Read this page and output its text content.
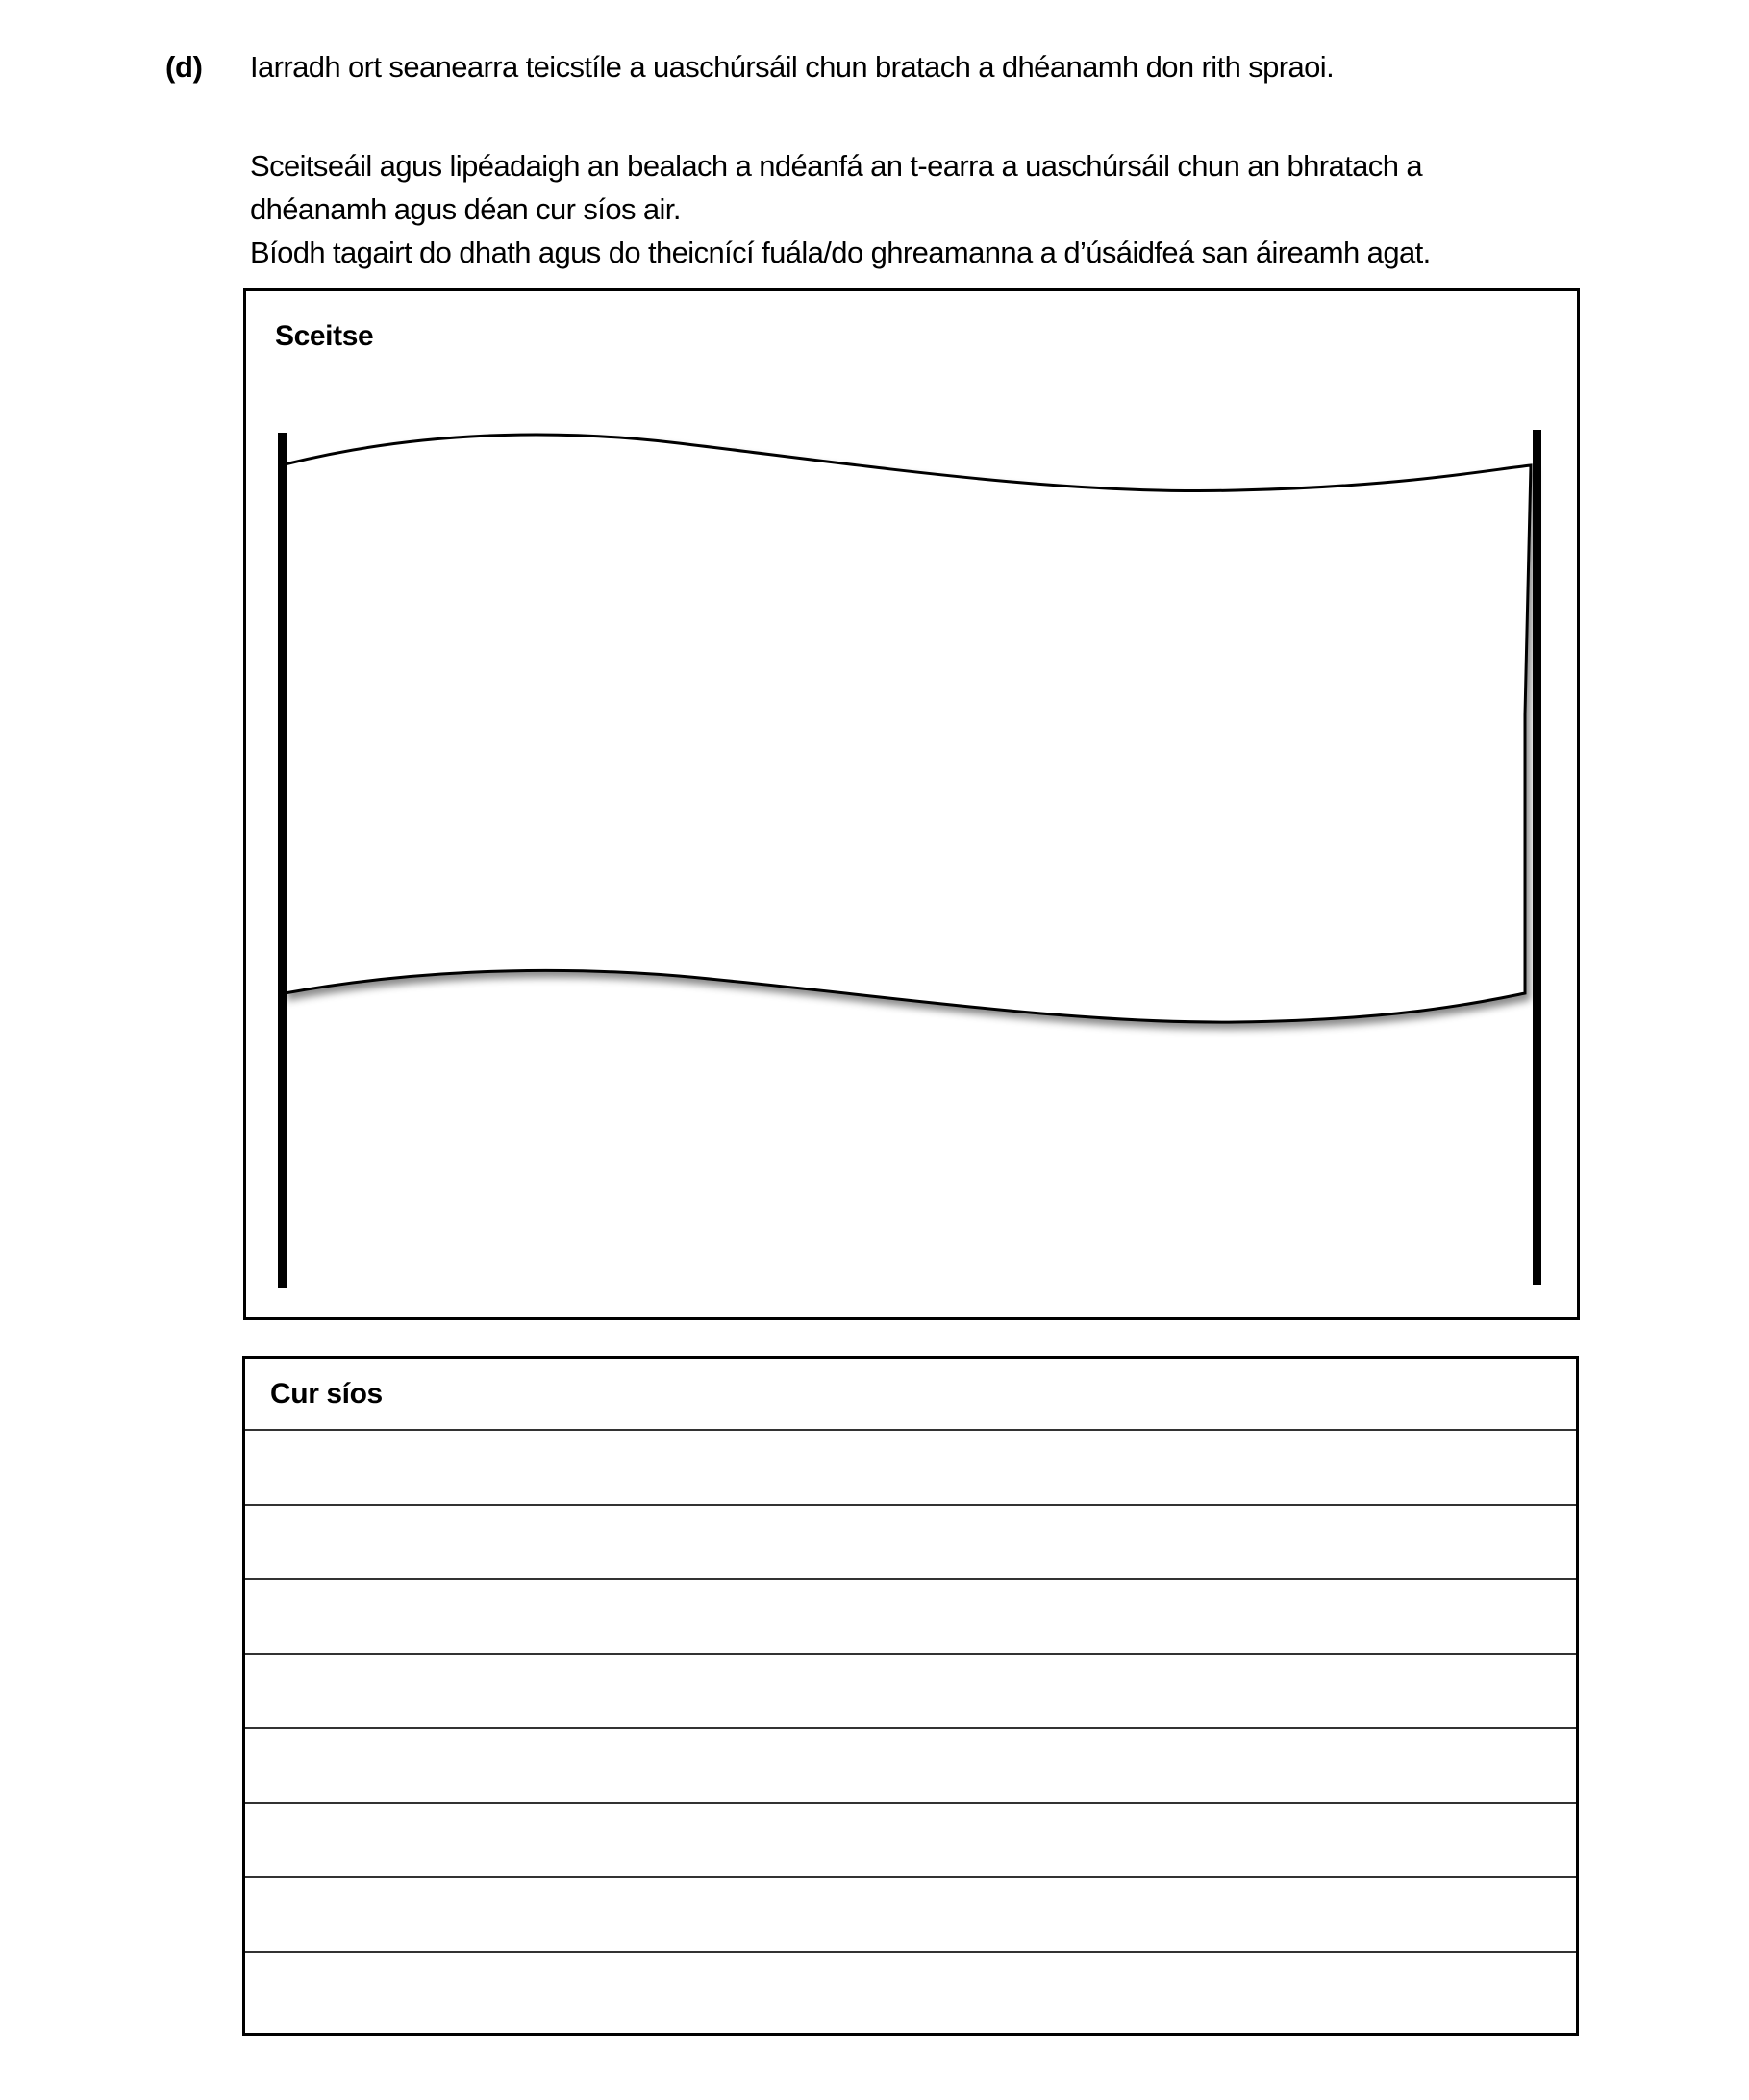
(d) Iarradh ort seanearra teicstíle a uaschúrsáil chun bratach a dhéanamh don rith spraoi.
Sceitseáil agus lipéadaigh an bealach a ndéanfá an t-earra a uaschúrsáil chun an bhratach a
dhéanamh agus déan cur síos air.
Bíodh tagairt do dhath agus do theicnící fuála/do ghreamanna a d’úsáidfeá san áireamh agat.
Sceitse
Cur síos
